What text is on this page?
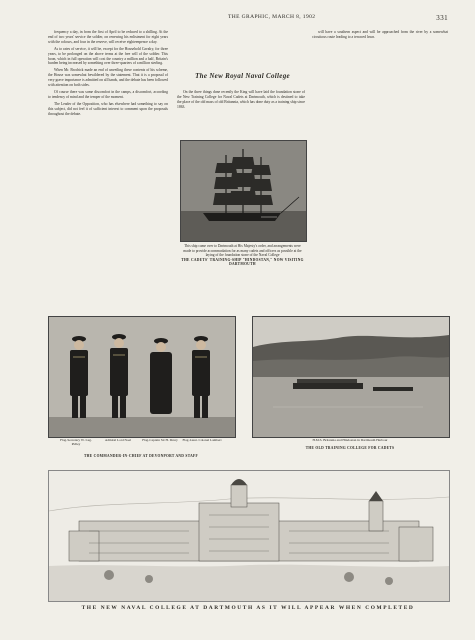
THE GRAPHIC, MARCH 8, 1902	331

frequency a day, in from the first of April to be reduced to a shilling. At the end of two years' service the soldier, on renewing his enlistment for eight years with the colours, and four in the reserve, will receive eighteenpence a day.

As to rates of service, it will be, except for the Household Cavalry, for three years, to be prolonged on the above terms at the free will of the soldier. This boon, which in full operation will cost the country a million and a half, Britain's burden being increased by something over three-quarters of a million sterling.

When Mr. Brodrick made an end of unveiling these contents of his scheme, the House was somewhat bewildered by the statement. That it is a proposal of very grave importance is admitted on all hands, and the debate has been followed with attention on both sides.

Of course there was some discomfort in the camps, a discomfort, according to tendency of mind and the temper of the moment.

The Leader of the Opposition, who has elsewhere had something to say on this subject, did not feel it of sufficient interest to comment upon the proposals throughout the debate.

The New Royal Naval College

On the three things done recently the King will have laid the foundation stone of the New Training College for Naval Cadets at Dartmouth, which is destined to take the place of the old mass of old Britannia, which has done duty as a training ship since 1863.

will have a southern aspect and will be approached from the river by a somewhat circuitous route leading to a terraced lawn.

This ship came over to Dartmouth at His Majesty's order, and arrangements were made to provide accommodation for as many cadets and officers as possible at the laying of the foundation stone of the Naval College
THE CADETS' TRAINING-SHIP "HINDOSTAN," NOW VISITING DARTMOUTH
Flag-Secretary W. Lug. Pidley
Admiral Lord Noel	Flag-Captain Sir H. Drury	Flag-Lieut. Colonel Lambert
THE COMMANDER-IN-CHIEF AT DEVONPORT AND STAFF
H.M.S. Britannia and Hindostan in Dartmouth Harbour
THE OLD TRAINING COLLEGE FOR CADETS
THE NEW NAVAL COLLEGE AT DARTMOUTH AS IT WILL APPEAR WHEN COMPLETED
